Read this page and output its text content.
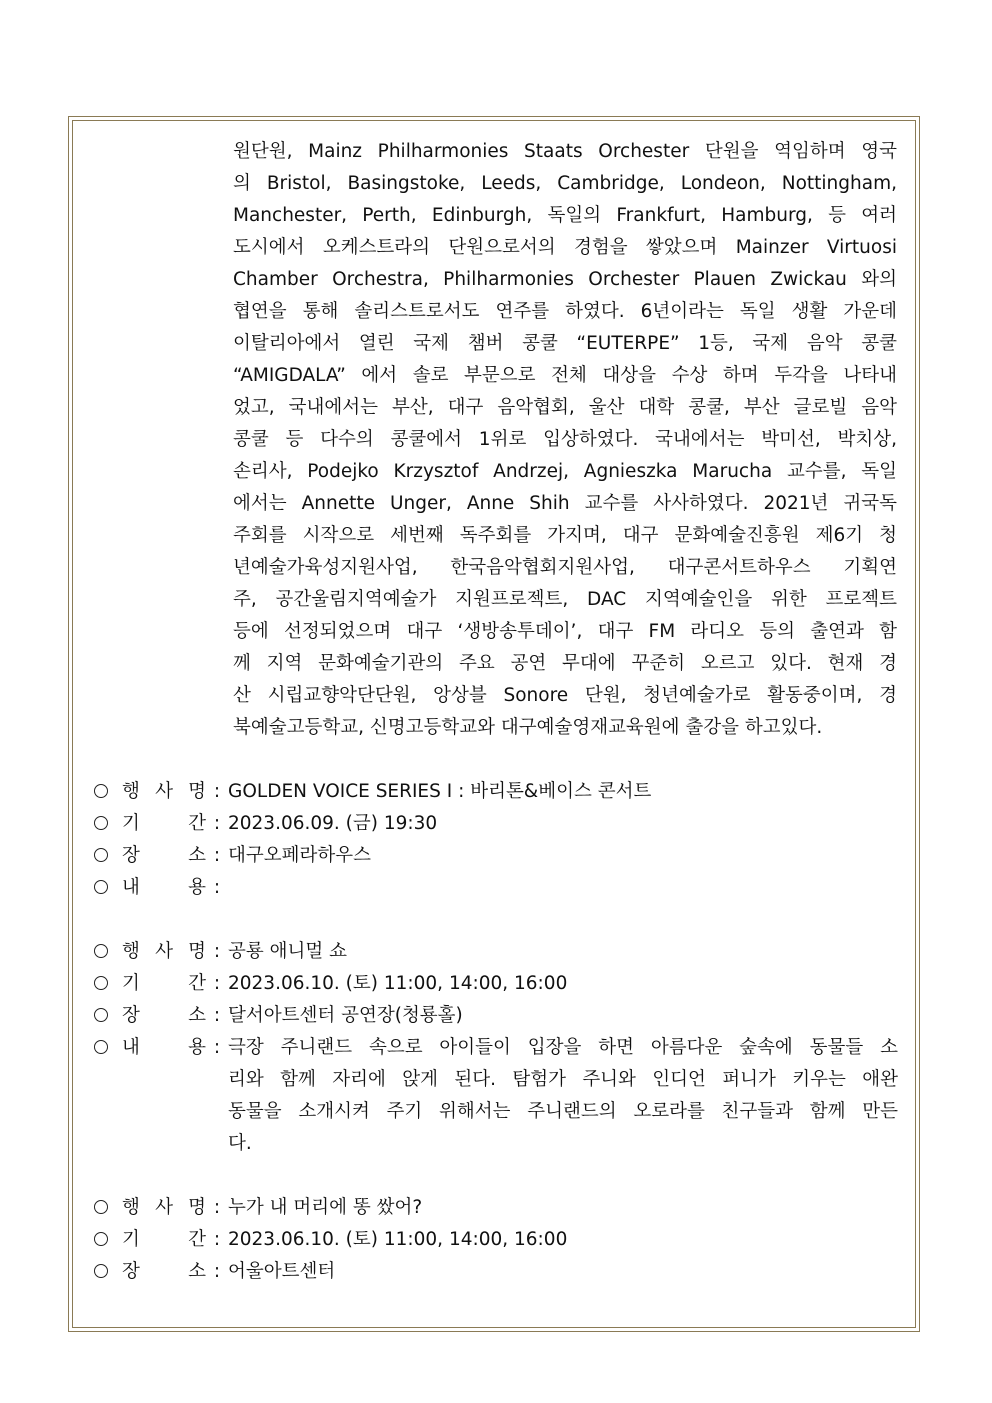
원단원, Mainz Philharmonies Staats Orchester 단원을 역임하며 영국
의 Bristol, Basingstoke, Leeds, Cambridge, Londeon, Nottingham,
Manchester, Perth, Edinburgh, 독일의 Frankfurt, Hamburg, 등 여러
도시에서 오케스트라의 단원으로서의 경험을 쌓았으며 Mainzer Virtuosi
Chamber Orchestra, Philharmonies Orchester Plauen Zwickau 와의
협연을 통해 솔리스트로서도 연주를 하였다. 6년이라는 독일 생활 가운데
이탈리아에서 열린 국제 챔버 콩쿨 “EUTERPE” 1등, 국제 음악 콩쿨
“AMIGDALA” 에서 솔로 부문으로 전체 대상을 수상 하며 두각을 나타내
었고, 국내에서는 부산, 대구 음악협회, 울산 대학 콩쿨, 부산 글로빌 음악
콩쿨 등 다수의 콩쿨에서 1위로 입상하였다. 국내에서는 박미선, 박치상,
손리사, Podejko Krzysztof Andrzej, Agnieszka Marucha 교수를, 독일
에서는 Annette Unger, Anne Shih 교수를 사사하였다. 2021년 귀국독
주회를 시작으로 세번째 독주회를 가지며, 대구 문화예술진흥원 제6기 청
년예술가육성지원사업, 한국음악협회지원사업, 대구콘서트하우스 기획연
주, 공간울림지역예술가 지원프로젝트, DAC 지역예술인을 위한 프로젝트
등에 선정되었으며 대구 ‘생방송투데이’, 대구 FM 라디오 등의 출연과 함
께 지역 문화예술기관의 주요 공연 무대에 꾸준히 오르고 있다. 현재 경
산 시립교향악단단원, 앙상블 Sonore 단원, 청년예술가로 활동중이며, 경
북예술고등학교, 신명고등학교와 대구예술영재교육원에 출강을 하고있다.
행 사 명 : GOLDEN VOICE SERIES Ⅰ : 바리톤&베이스 콘서트
기	간 : 2023.06.09. (금) 19:30
장	소 : 대구오페라하우스
내	용 :
행 사 명 : 공룡 애니멀 쇼
기	간 : 2023.06.10. (토) 11:00, 14:00, 16:00
장	소 : 달서아트센터 공연장(청룡홀)
내	용 : 극장 주니랜드 속으로 아이들이 입장을 하면 아름다운 숲속에 동물들 소
리와 함께 자리에 앉게 된다. 탐험가 주니와 인디언 퍼니가 키우는 애완
동물을 소개시켜 주기 위해서는 주니랜드의 오로라를 친구들과 함께 만든
다.
행 사 명 : 누가 내 머리에 똥 쌌어?
기	간 : 2023.06.10. (토) 11:00, 14:00, 16:00
장	소 : 어울아트센터
